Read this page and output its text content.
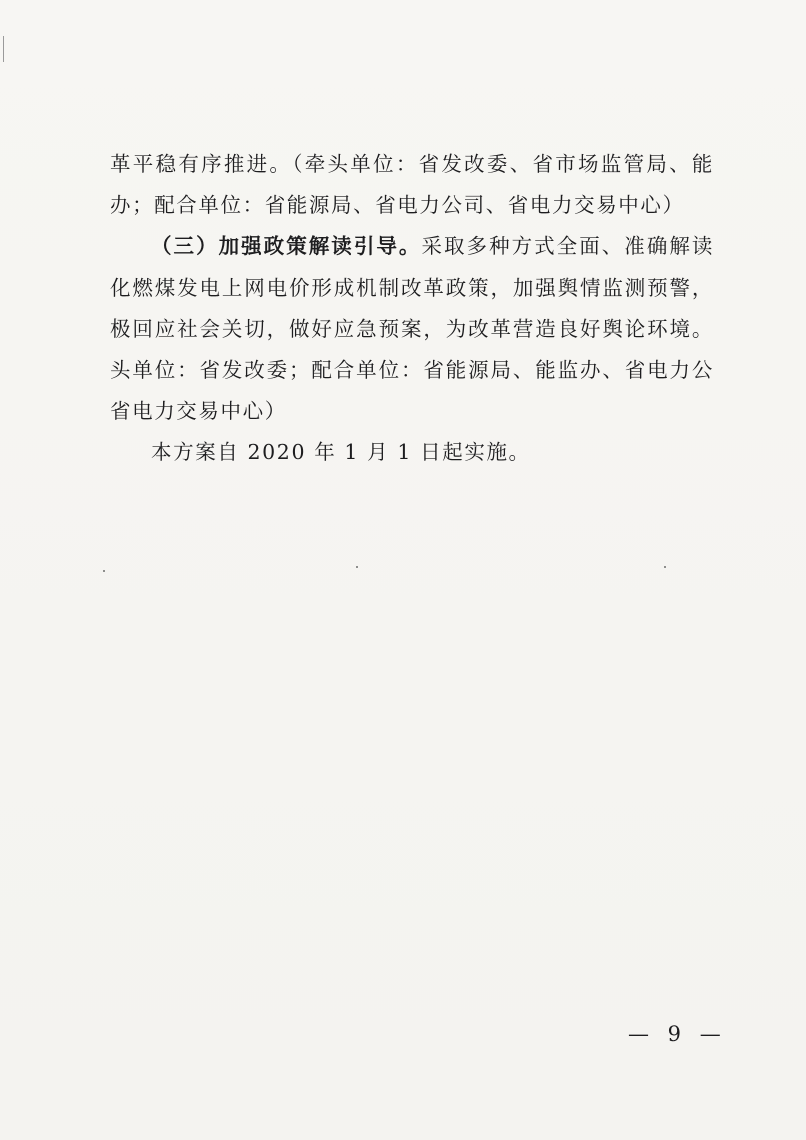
革平稳有序推进。（牵头单位：省发改委、省市场监管局、能
办；配合单位：省能源局、省电力公司、省电力交易中心）
（三）加强政策解读引导。采取多种方式全面、准确解读
化燃煤发电上网电价形成机制改革政策，加强舆情监测预警，
极回应社会关切，做好应急预案，为改革营造良好舆论环境。
头单位：省发改委；配合单位：省能源局、能监办、省电力公
省电力交易中心）
本方案自 2020 年 1 月 1 日起实施。
— 9 —
